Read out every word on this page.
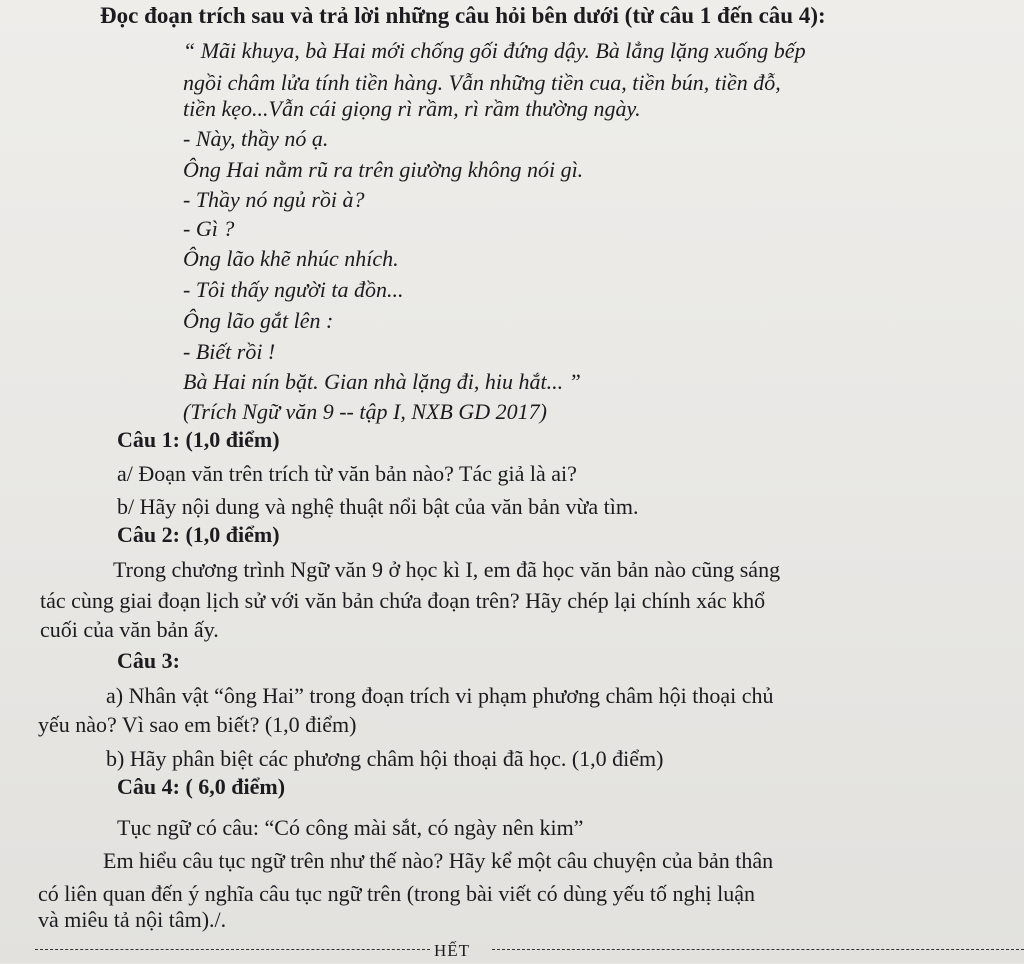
Đọc đoạn trích sau và trả lời những câu hỏi bên dưới (từ câu 1 đến câu 4):
“ Mãi khuya, bà Hai mới chống gối đứng dậy. Bà lẳng lặng xuống bếp
ngồi châm lửa tính tiền hàng. Vẫn những tiền cua, tiền bún, tiền đỗ,
tiền kẹo...Vẫn cái giọng rì rầm, rì rầm thường ngày.
- Này, thầy nó ạ.
Ông Hai nằm rũ ra trên giường không nói gì.
- Thầy nó ngủ rồi à?
- Gì ?
Ông lão khẽ nhúc nhích.
- Tôi thấy người ta đồn...
Ông lão gắt lên :
- Biết rồi !
Bà Hai nín bặt. Gian nhà lặng đi, hiu hắt... ”
(Trích Ngữ văn 9 -- tập I, NXB GD 2017)
Câu 1: (1,0 điểm)
a/ Đoạn văn trên trích từ văn bản nào? Tác giả là ai?
b/ Hãy nội dung và nghệ thuật nổi bật của văn bản vừa tìm.
Câu 2: (1,0 điểm)
Trong chương trình Ngữ văn 9 ở học kì I, em đã học văn bản nào cũng sáng
tác cùng giai đoạn lịch sử với văn bản chứa đoạn trên? Hãy chép lại chính xác khổ
cuối của văn bản ấy.
Câu 3:
a) Nhân vật “ông Hai” trong đoạn trích vi phạm phương châm hội thoại chủ
yếu nào? Vì sao em biết? (1,0 điểm)
b) Hãy phân biệt các phương châm hội thoại đã học. (1,0 điểm)
Câu 4: ( 6,0 điểm)
Tục ngữ có câu: “Có công mài sắt, có ngày nên kim”
Em hiểu câu tục ngữ trên như thế nào? Hãy kể một câu chuyện của bản thân
có liên quan đến ý nghĩa câu tục ngữ trên (trong bài viết có dùng yếu tố nghị luận
và miêu tả nội tâm)./.
HẾT
